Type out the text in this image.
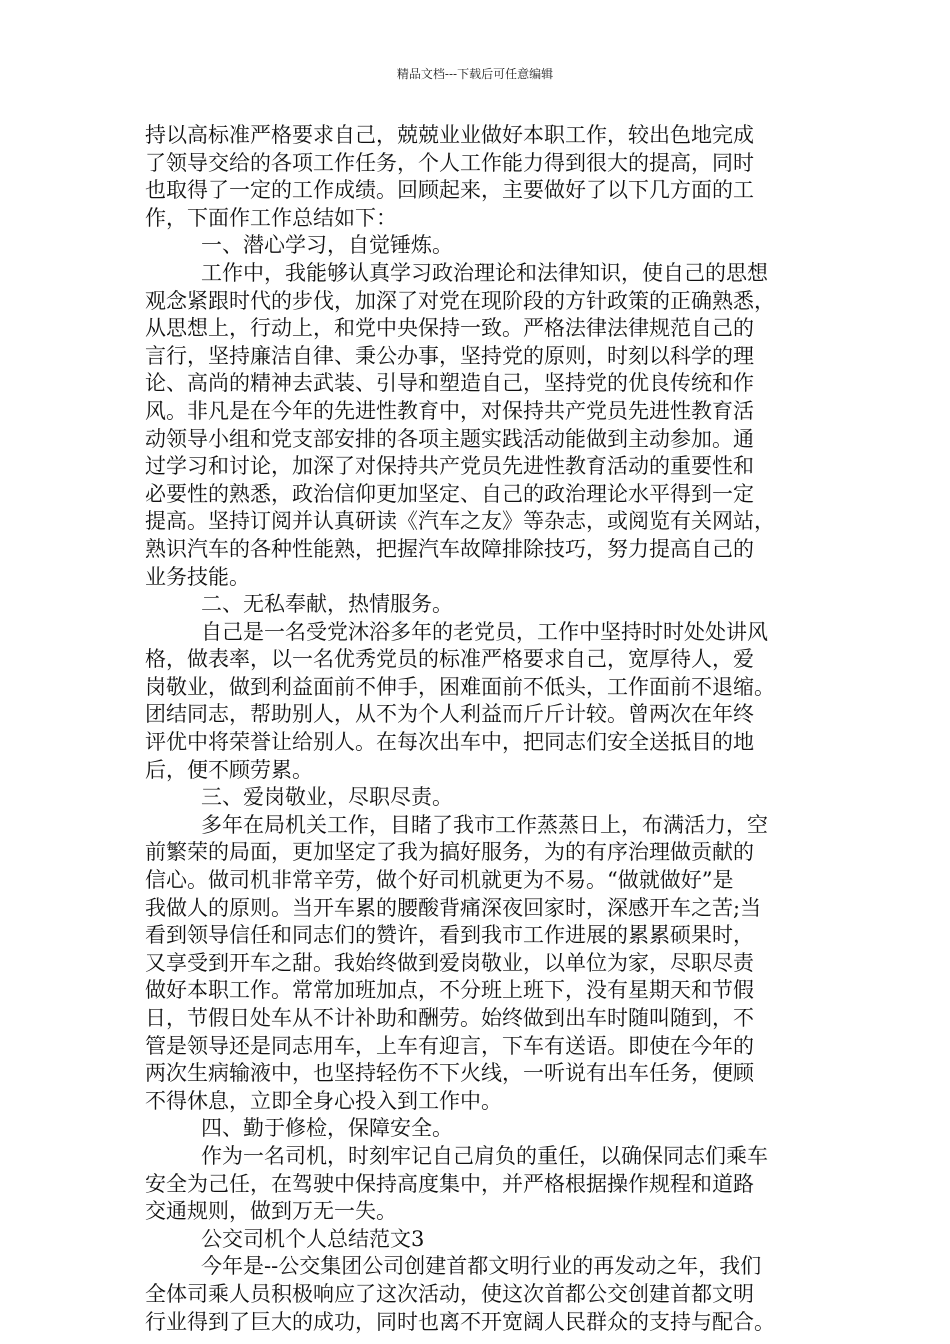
精品文档---下载后可任意编辑
持以高标准严格要求自己，兢兢业业做好本职工作，较出色地完成
了领导交给的各项工作任务，个人工作能力得到很大的提高，同时
也取得了一定的工作成绩。回顾起来，主要做好了以下几方面的工
作，下面作工作总结如下：
一、潜心学习，自觉锤炼。
工作中，我能够认真学习政治理论和法律知识，使自己的思想
观念紧跟时代的步伐，加深了对党在现阶段的方针政策的正确熟悉，
从思想上，行动上，和党中央保持一致。严格法律法律规范自己的
言行，坚持廉洁自律、秉公办事，坚持党的原则，时刻以科学的理
论、高尚的精神去武装、引导和塑造自己，坚持党的优良传统和作
风。非凡是在今年的先进性教育中，对保持共产党员先进性教育活
动领导小组和党支部安排的各项主题实践活动能做到主动参加。通
过学习和讨论，加深了对保持共产党员先进性教育活动的重要性和
必要性的熟悉，政治信仰更加坚定、自己的政治理论水平得到一定
提高。坚持订阅并认真研读《汽车之友》等杂志，或阅览有关网站，
熟识汽车的各种性能熟，把握汽车故障排除技巧，努力提高自己的
业务技能。
二、无私奉献，热情服务。
自己是一名受党沐浴多年的老党员，工作中坚持时时处处讲风
格，做表率，以一名优秀党员的标准严格要求自己，宽厚待人，爱
岗敬业，做到利益面前不伸手，困难面前不低头，工作面前不退缩。
团结同志，帮助别人，从不为个人利益而斤斤计较。曾两次在年终
评优中将荣誉让给别人。在每次出车中，把同志们安全送抵目的地
后，便不顾劳累。
三、爱岗敬业，尽职尽责。
多年在局机关工作，目睹了我市工作蒸蒸日上，布满活力，空
前繁荣的局面，更加坚定了我为搞好服务，为的有序治理做贡献的
信心。做司机非常辛劳，做个好司机就更为不易。“做就做好”是
我做人的原则。当开车累的腰酸背痛深夜回家时，深感开车之苦;当
看到领导信任和同志们的赞许，看到我市工作进展的累累硕果时，
又享受到开车之甜。我始终做到爱岗敬业，以单位为家，尽职尽责
做好本职工作。常常加班加点，不分班上班下，没有星期天和节假
日，节假日处车从不计补助和酬劳。始终做到出车时随叫随到，不
管是领导还是同志用车，上车有迎言，下车有送语。即使在今年的
两次生病输液中，也坚持轻伤不下火线，一听说有出车任务，便顾
不得休息，立即全身心投入到工作中。
四、勤于修检，保障安全。
作为一名司机，时刻牢记自己肩负的重任，以确保同志们乘车
安全为己任，在驾驶中保持高度集中，并严格根据操作规程和道路
交通规则，做到万无一失。
公交司机个人总结范文3
今年是--公交集团公司创建首都文明行业的再发动之年，我们
全体司乘人员积极响应了这次活动，使这次首都公交创建首都文明
行业得到了巨大的成功，同时也离不开宽阔人民群众的支持与配合。
